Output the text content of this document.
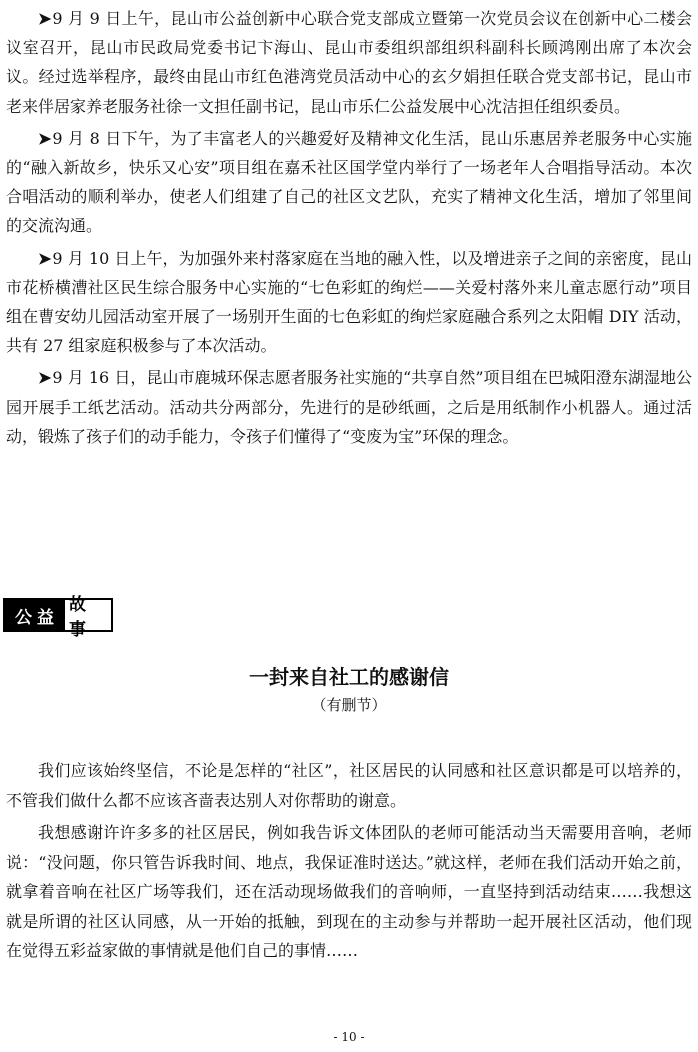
➤9 月 9 日上午，昆山市公益创新中心联合党支部成立暨第一次党员会议在创新中心二楼会议室召开，昆山市民政局党委书记卞海山、昆山市委组织部组织科副科长顾鸿刚出席了本次会议。经过选举程序，最终由昆山市红色港湾党员活动中心的玄夕娟担任联合党支部书记，昆山市老来伴居家养老服务社徐一文担任副书记，昆山市乐仁公益发展中心沈洁担任组织委员。

➤9 月 8 日下午，为了丰富老人的兴趣爱好及精神文化生活，昆山乐惠居养老服务中心实施的“融入新故乡，快乐又心安”项目组在嘉禾社区国学堂内举行了一场老年人合唱指导活动。本次合唱活动的顺利举办，使老人们组建了自己的社区文艺队，充实了精神文化生活，增加了邻里间的交流沟通。

➤9 月 10 日上午，为加强外来村落家庭在当地的融入性，以及增进亲子之间的亲密度，昆山市花桥横漕社区民生综合服务中心实施的“七色彩虹的绚烂——关爱村落外来儿童志愿行动”项目组在曹安幼儿园活动室开展了一场别开生面的七色彩虹的绚烂家庭融合系列之太阳帽 DIY 活动，共有 27 组家庭积极参与了本次活动。

➤9 月 16 日，昆山市鹿城环保志愿者服务社实施的“共享自然”项目组在巴城阳澄东湖湿地公园开展手工纸艺活动。活动共分两部分，先进行的是砂纸画，之后是用纸制作小机器人。通过活动，锻炼了孩子们的动手能力，令孩子们懂得了“变废为宝”环保的理念。

公益
故事
一封来自社工的感谢信
（有删节）

我们应该始终坚信，不论是怎样的“社区”，社区居民的认同感和社区意识都是可以培养的，不管我们做什么都不应该吝啬表达别人对你帮助的谢意。

我想感谢许许多多的社区居民，例如我告诉文体团队的老师可能活动当天需要用音响，老师说：“没问题，你只管告诉我时间、地点，我保证准时送达。”就这样，老师在我们活动开始之前，就拿着音响在社区广场等我们，还在活动现场做我们的音响师，一直坚持到活动结束……我想这就是所谓的社区认同感，从一开始的抵触，到现在的主动参与并帮助一起开展社区活动，他们现在觉得五彩益家做的事情就是他们自己的事情……

- 10 -
